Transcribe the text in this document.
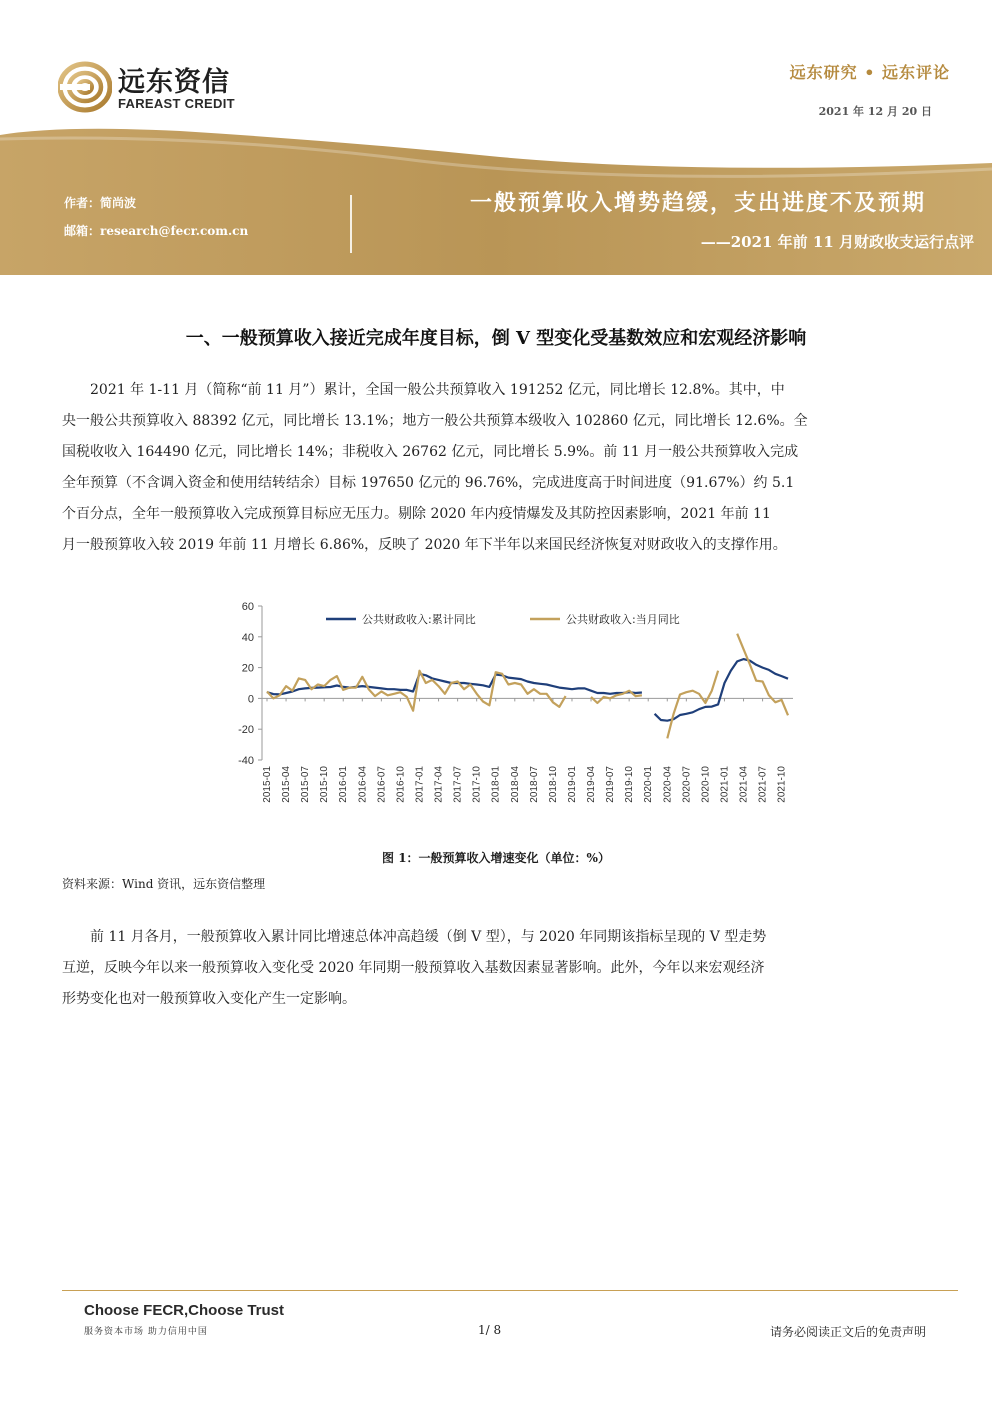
远东资信
FAREAST CREDIT
远东研究 • 远东评论
2021 年 12 月 20 日
作者：简尚波
邮箱：research@fecr.com.cn
一般预算收入增势趋缓，支出进度不及预期
——2021 年前 11 月财政收支运行点评
一、一般预算收入接近完成年度目标，倒 V 型变化受基数效应和宏观经济影响
2021 年 1-11 月（简称“前 11 月”）累计，全国一般公共预算收入 191252 亿元，同比增长 12.8%。其中，中
央一般公共预算收入 88392 亿元，同比增长 13.1%；地方一般公共预算本级收入 102860 亿元，同比增长 12.6%。全
国税收收入 164490 亿元，同比增长 14%；非税收入 26762 亿元，同比增长 5.9%。前 11 月一般公共预算收入完成
全年预算（不含调入资金和使用结转结余）目标 197650 亿元的 96.76%，完成进度高于时间进度（91.67%）约 5.1
个百分点，全年一般预算收入完成预算目标应无压力。剔除 2020 年内疫情爆发及其防控因素影响，2021 年前 11
月一般预算收入较 2019 年前 11 月增长 6.86%，反映了 2020 年下半年以来国民经济恢复对财政收入的支撑作用。
-40
-20
0
20
40
60
2015-01 2015-04 2015-07 2015-10 2016-01 2016-04 2016-07 2016-10 2017-01 2017-04 2017-07 2017-10 2018-01 2018-04 2018-07 2018-10 2019-01 2019-04 2019-07 2019-10 2020-01 2020-04 2020-07 2020-10 2021-01 2021-04 2021-07 2021-10
公共财政收入:累计同比	公共财政收入:当月同比
图 1：一般预算收入增速变化（单位：%）
资料来源：Wind 资讯，远东资信整理
前 11 月各月，一般预算收入累计同比增速总体冲高趋缓（倒 V 型），与 2020 年同期该指标呈现的 V 型走势
互逆，反映今年以来一般预算收入变化受 2020 年同期一般预算收入基数因素显著影响。此外，今年以来宏观经济
形势变化也对一般预算收入变化产生一定影响。
Choose FECR,Choose Trust
服务资本市场 助力信用中国	1/ 8	请务必阅读正文后的免责声明
